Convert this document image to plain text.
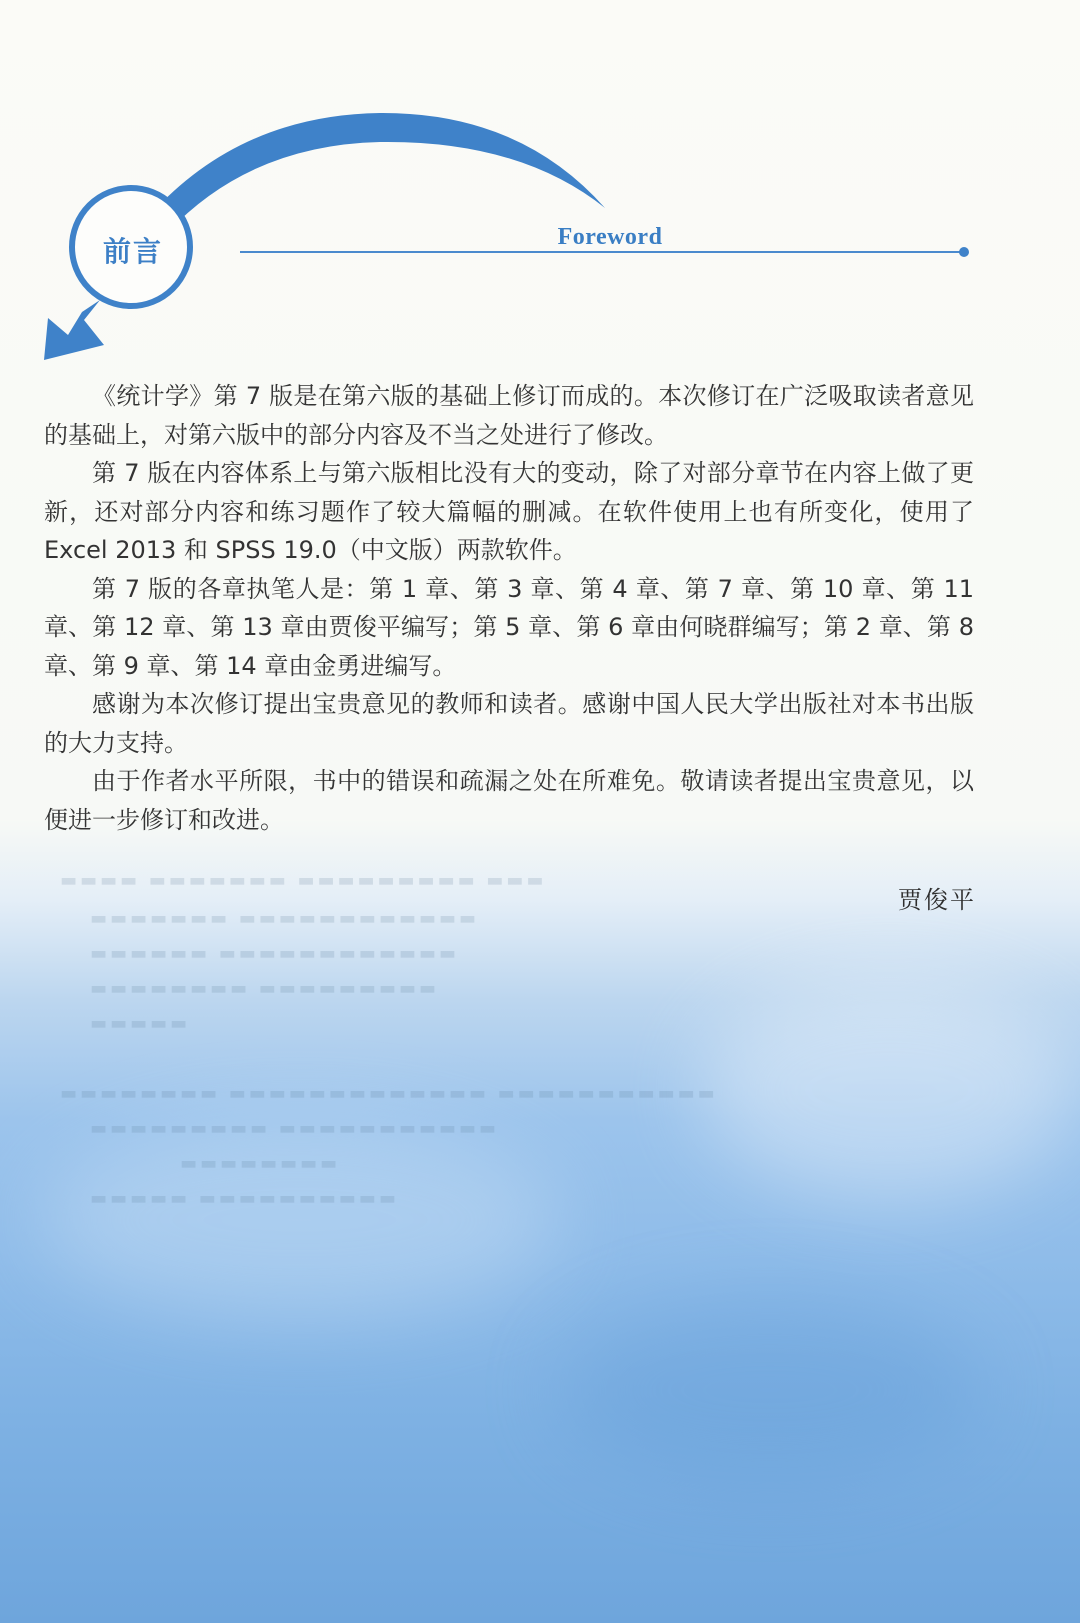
▬▬▬▬ ▬▬▬▬▬▬▬ ▬▬▬▬▬▬▬▬▬ ▬▬▬
▬▬▬▬▬▬▬ ▬▬▬▬▬▬▬▬▬▬▬▬
▬▬▬▬▬▬ ▬▬▬▬▬▬▬▬▬▬▬▬
▬▬▬▬▬▬▬▬ ▬▬▬▬▬▬▬▬▬
▬▬▬▬▬
▬▬▬▬▬▬▬▬ ▬▬▬▬▬▬▬▬▬▬▬▬▬ ▬▬▬▬▬▬▬▬▬▬▬
▬▬▬▬▬▬▬▬▬ ▬▬▬▬▬▬▬▬▬▬▬
▬▬▬▬▬▬▬▬
▬▬▬▬▬ ▬▬▬▬▬▬▬▬▬▬
前言	Foreword

《统计学》第 7 版是在第六版的基础上修订而成的。本次修订在广泛吸取读者意见的基础上，对第六版中的部分内容及不当之处进行了修改。

第 7 版在内容体系上与第六版相比没有大的变动，除了对部分章节在内容上做了更新，还对部分内容和练习题作了较大篇幅的删减。在软件使用上也有所变化，使用了 Excel 2013 和 SPSS 19.0（中文版）两款软件。

第 7 版的各章执笔人是：第 1 章、第 3 章、第 4 章、第 7 章、第 10 章、第 11 章、第 12 章、第 13 章由贾俊平编写；第 5 章、第 6 章由何晓群编写；第 2 章、第 8 章、第 9 章、第 14 章由金勇进编写。

感谢为本次修订提出宝贵意见的教师和读者。感谢中国人民大学出版社对本书出版的大力支持。

由于作者水平所限，书中的错误和疏漏之处在所难免。敬请读者提出宝贵意见，以便进一步修订和改进。

贾俊平
